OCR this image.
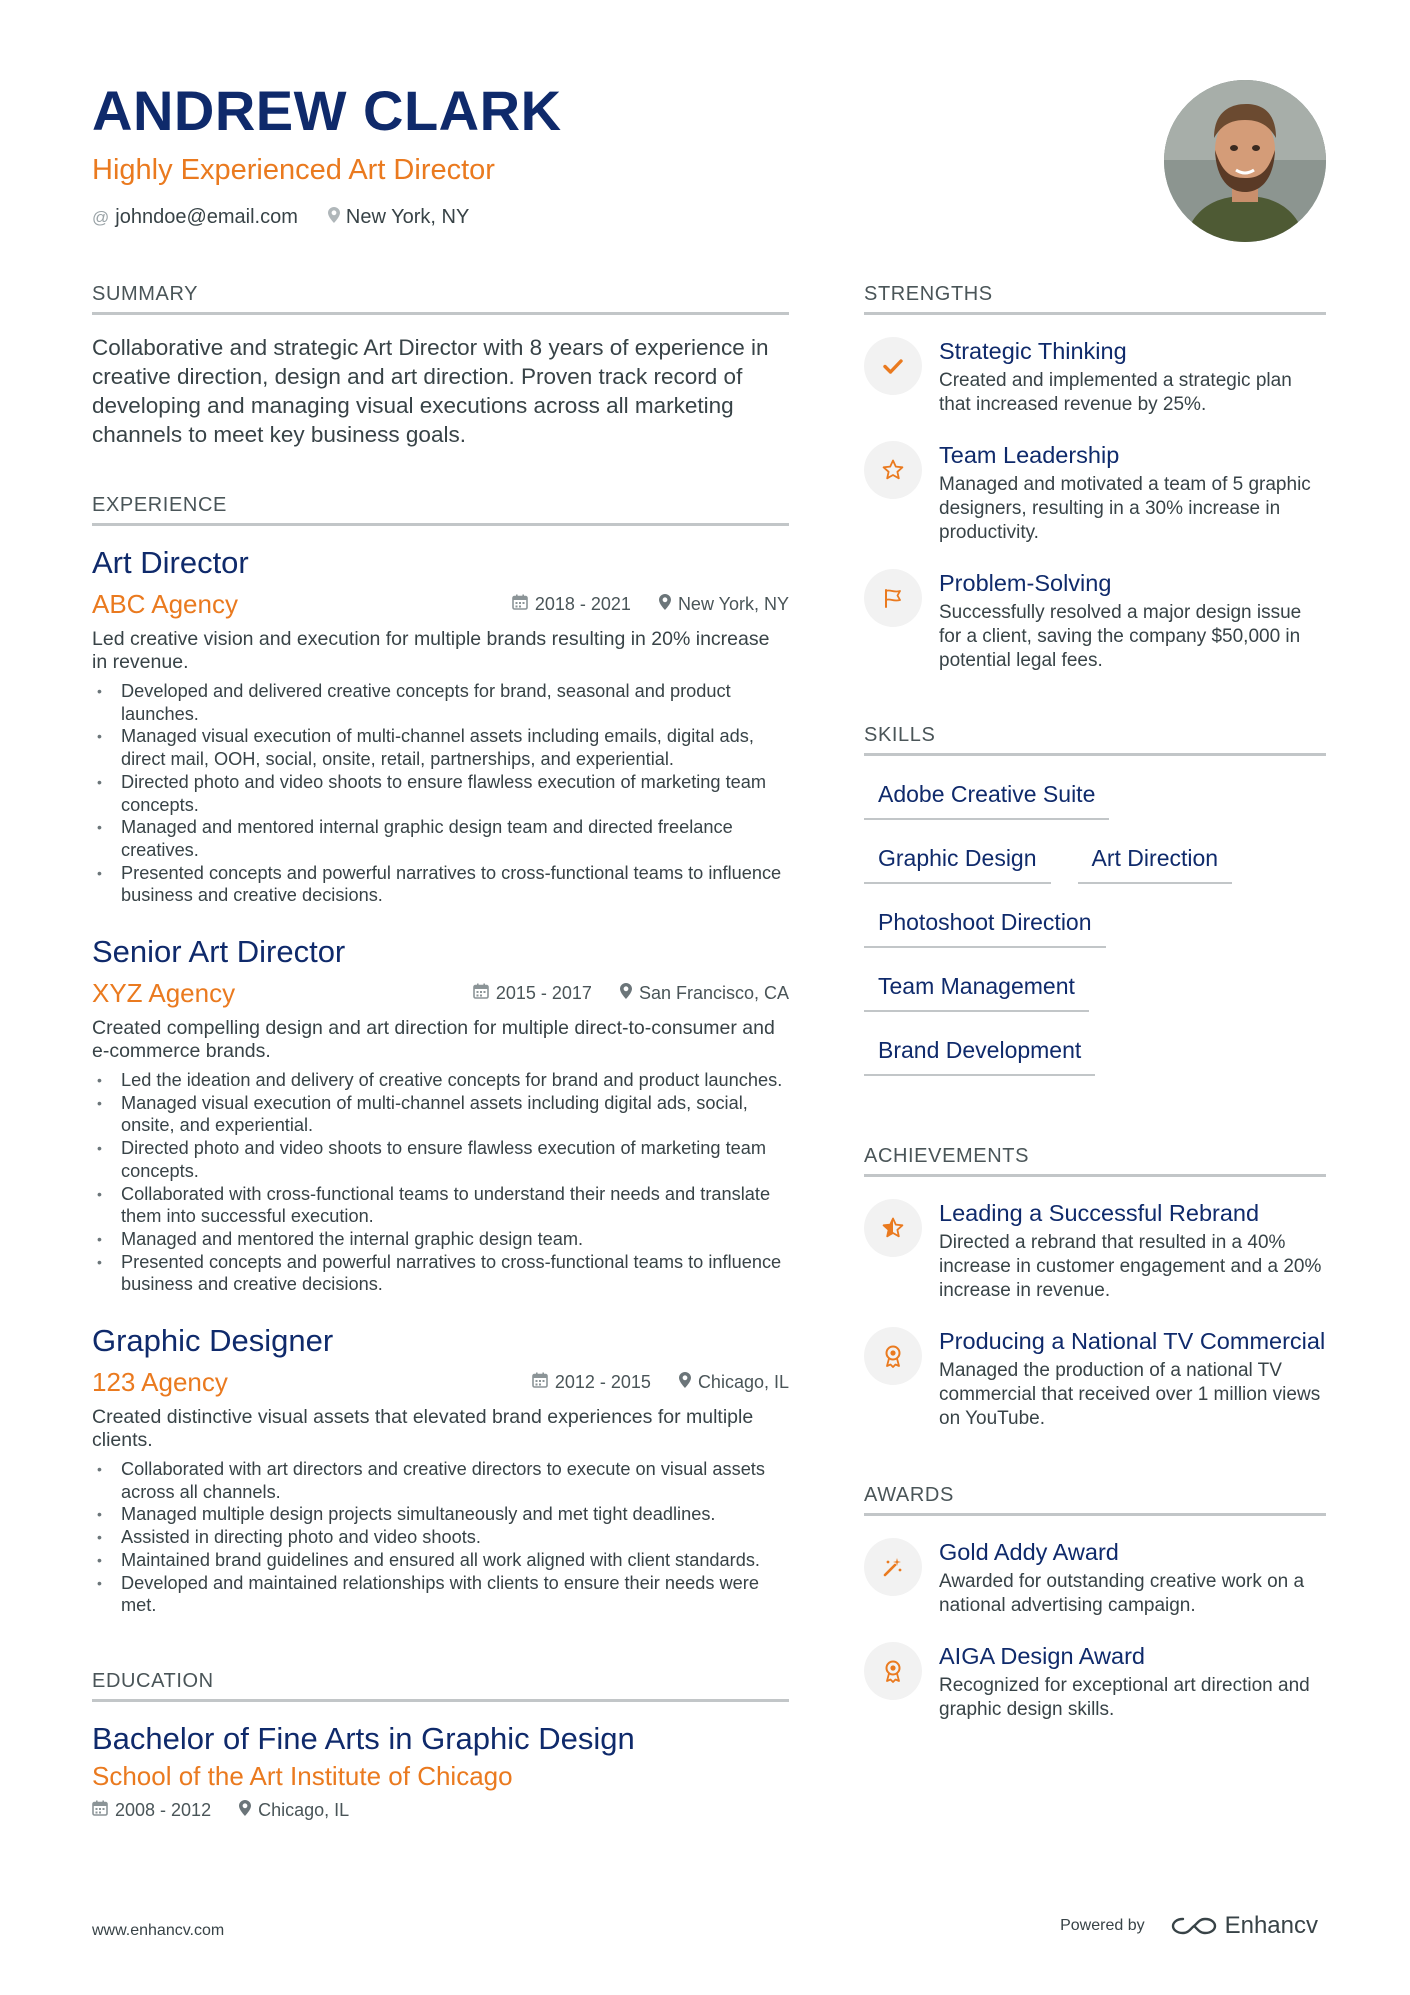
ANDREW CLARK
Highly Experienced Art Director
@ johndoe@email.com New York, NY
SUMMARY
Collaborative and strategic Art Director with 8 years of experience in creative direction, design and art direction. Proven track record of developing and managing visual executions across all marketing channels to meet key business goals.
EXPERIENCE
Art Director
ABC Agency	2018 - 2021	New York, NY
Led creative vision and execution for multiple brands resulting in 20% increase in revenue.
• Developed and delivered creative concepts for brand, seasonal and product launches.
• Managed visual execution of multi-channel assets including emails, digital ads, direct mail, OOH, social, onsite, retail, partnerships, and experiential.
• Directed photo and video shoots to ensure flawless execution of marketing team concepts.
• Managed and mentored internal graphic design team and directed freelance creatives.
• Presented concepts and powerful narratives to cross-functional teams to influence business and creative decisions.
Senior Art Director
XYZ Agency	2015 - 2017	San Francisco, CA
Created compelling design and art direction for multiple direct-to-consumer and e-commerce brands.
• Led the ideation and delivery of creative concepts for brand and product launches.
• Managed visual execution of multi-channel assets including digital ads, social, onsite, and experiential.
• Directed photo and video shoots to ensure flawless execution of marketing team concepts.
• Collaborated with cross-functional teams to understand their needs and translate them into successful execution.
• Managed and mentored the internal graphic design team.
• Presented concepts and powerful narratives to cross-functional teams to influence business and creative decisions.
Graphic Designer
123 Agency	2012 - 2015	Chicago, IL
Created distinctive visual assets that elevated brand experiences for multiple clients.
• Collaborated with art directors and creative directors to execute on visual assets across all channels.
• Managed multiple design projects simultaneously and met tight deadlines.
• Assisted in directing photo and video shoots.
• Maintained brand guidelines and ensured all work aligned with client standards.
• Developed and maintained relationships with clients to ensure their needs were met.
EDUCATION
Bachelor of Fine Arts in Graphic Design
School of the Art Institute of Chicago
2008 - 2012	Chicago, IL
STRENGTHS
Strategic Thinking
Created and implemented a strategic plan that increased revenue by 25%.
Team Leadership
Managed and motivated a team of 5 graphic designers, resulting in a 30% increase in productivity.
Problem-Solving
Successfully resolved a major design issue for a client, saving the company $50,000 in potential legal fees.
SKILLS
Adobe Creative Suite
Graphic Design	Art Direction
Photoshoot Direction
Team Management
Brand Development
ACHIEVEMENTS
Leading a Successful Rebrand
Directed a rebrand that resulted in a 40% increase in customer engagement and a 20% increase in revenue.
Producing a National TV Commercial
Managed the production of a national TV commercial that received over 1 million views on YouTube.
AWARDS
Gold Addy Award
Awarded for outstanding creative work on a national advertising campaign.
AIGA Design Award
Recognized for exceptional art direction and graphic design skills.
www.enhancv.com	Powered by	Enhancv
